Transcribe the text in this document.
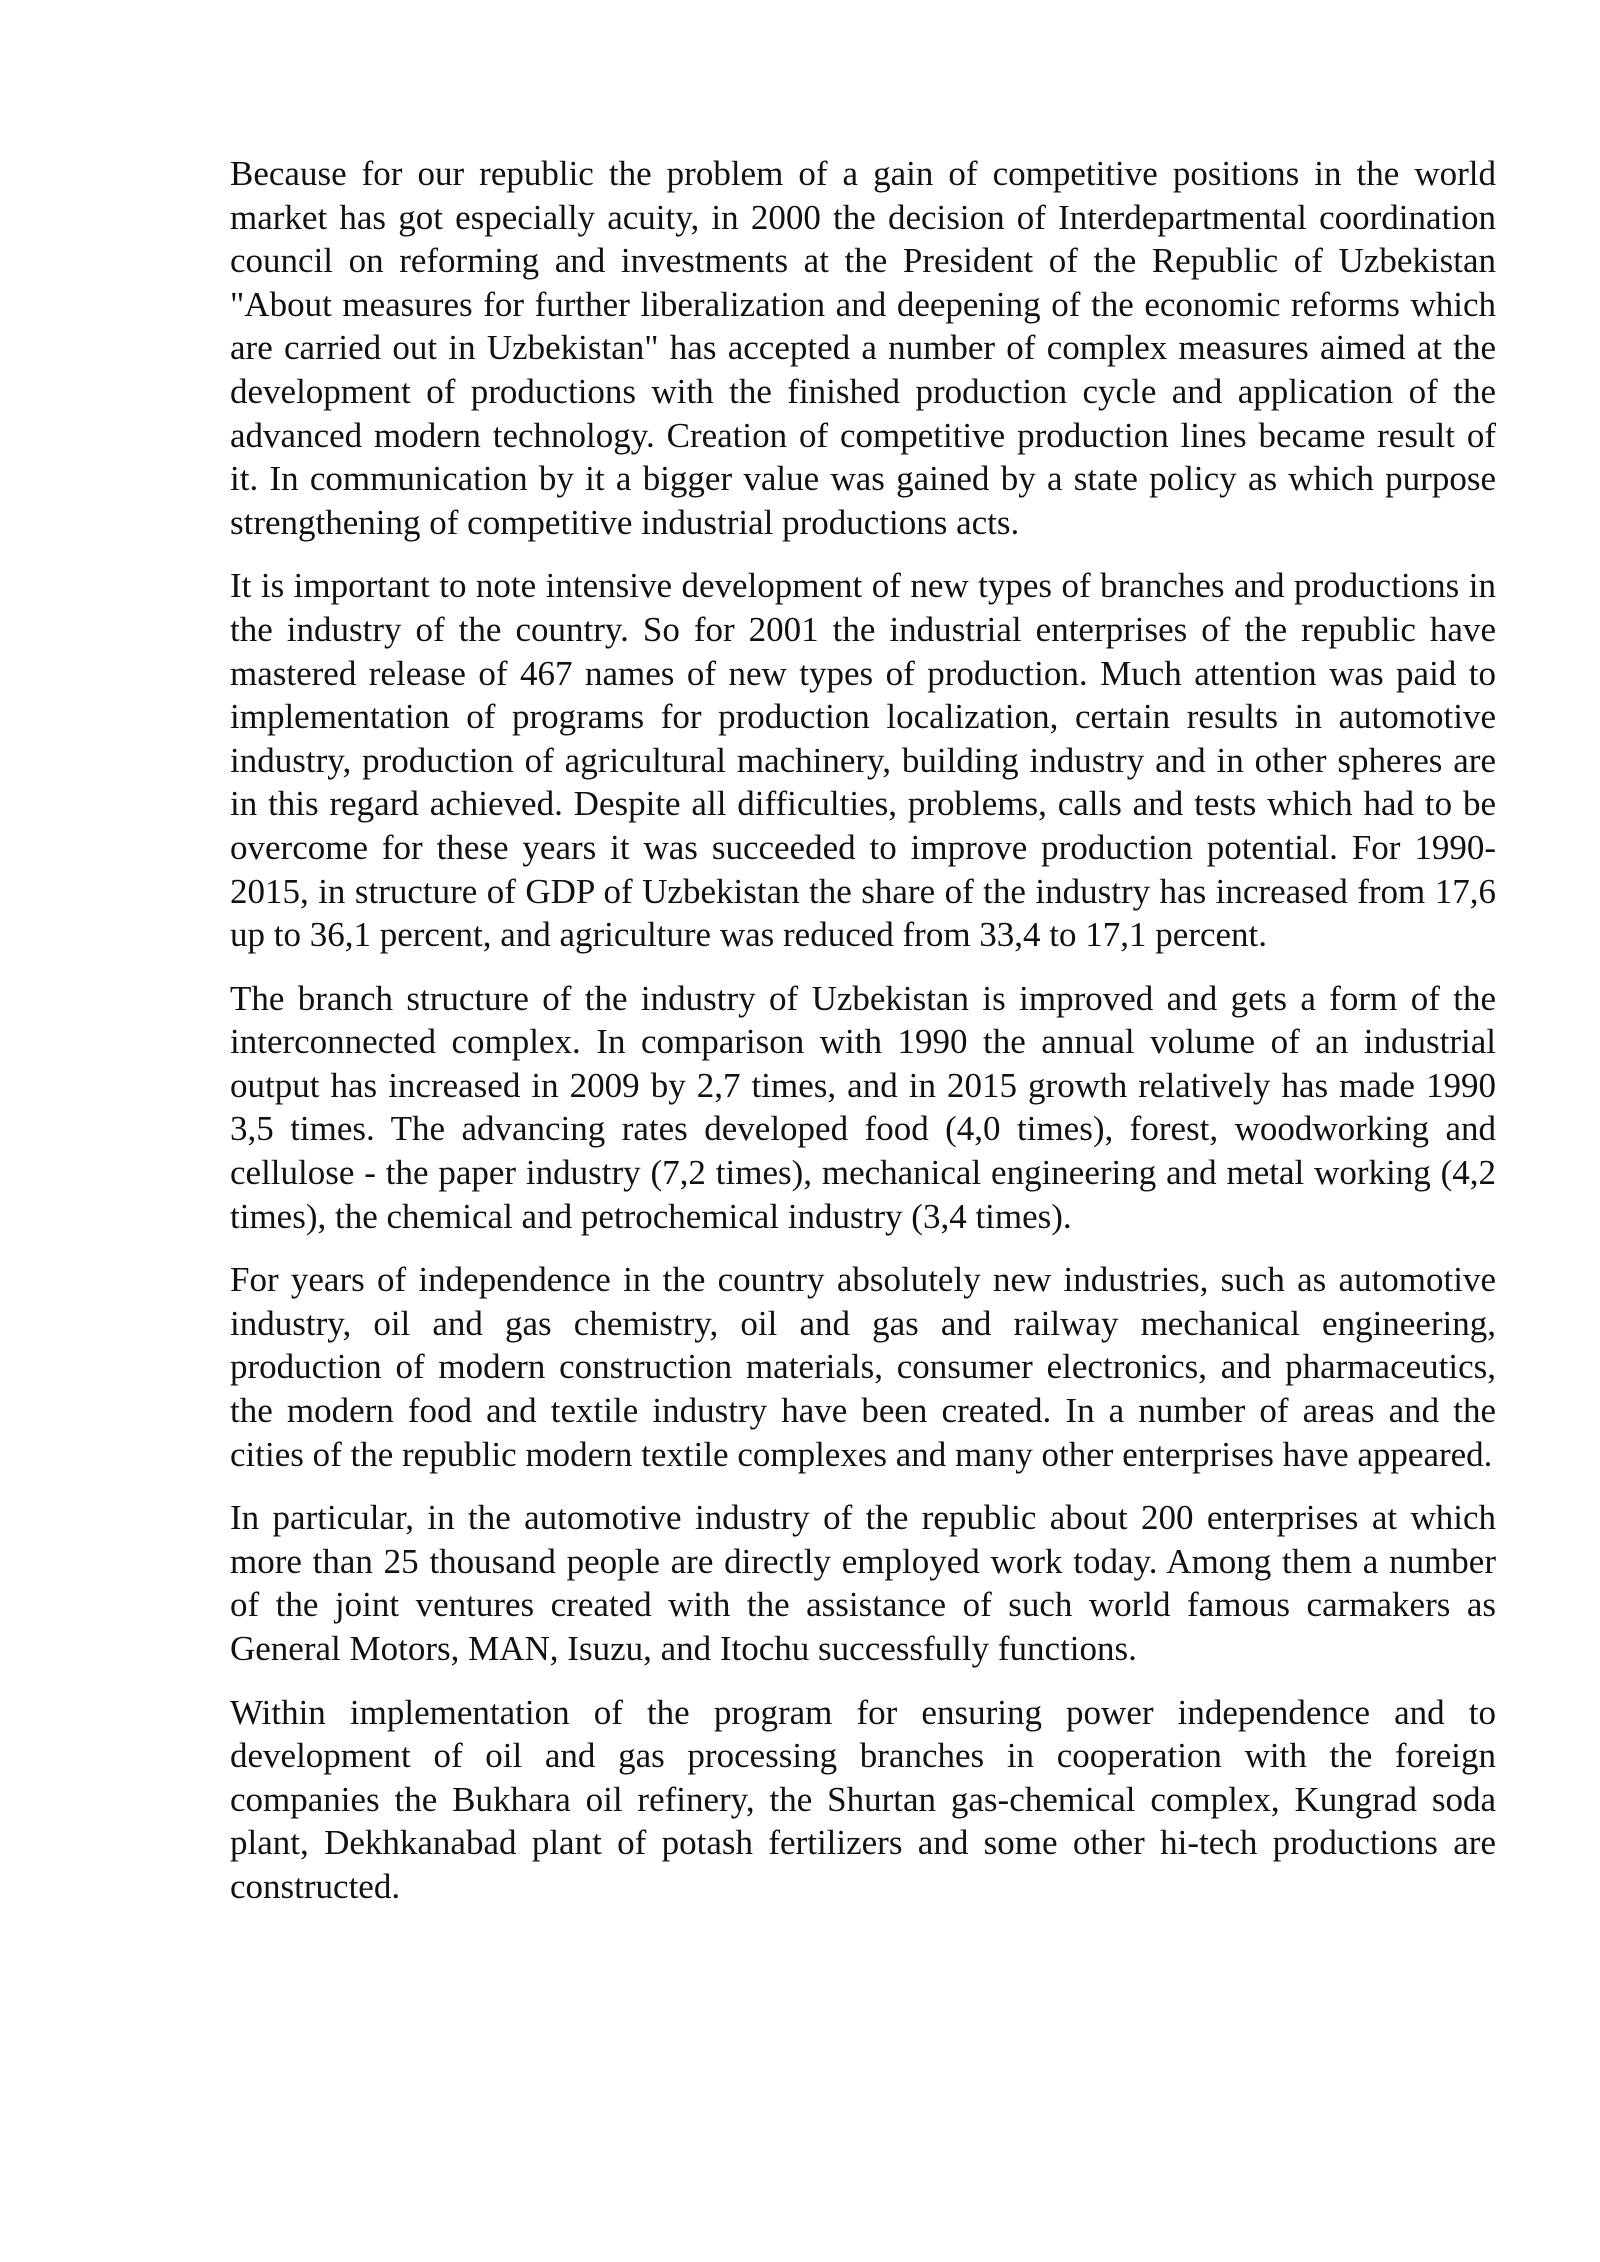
Because for our republic the problem of a gain of competitive positions in the world market has got especially acuity, in 2000 the decision of Interdepartmental coordination council on reforming and investments at the President of the Republic of Uzbekistan "About measures for further liberalization and deepening of the economic reforms which are carried out in Uzbekistan" has accepted a number of complex measures aimed at the development of productions with the finished production cycle and application of the advanced modern technology. Creation of competitive production lines became result of it. In communication by it a bigger value was gained by a state policy as which purpose strengthening of competitive industrial productions acts.

It is important to note intensive development of new types of branches and productions in the industry of the country. So for 2001 the industrial enterprises of the republic have mastered release of 467 names of new types of production. Much attention was paid to implementation of programs for production localization, certain results in automotive industry, production of agricultural machinery, building industry and in other spheres are in this regard achieved. Despite all difficulties, problems, calls and tests which had to be overcome for these years it was succeeded to improve production potential. For 1990-2015, in structure of GDP of Uzbekistan the share of the industry has increased from 17,6 up to 36,1 percent, and agriculture was reduced from 33,4 to 17,1 percent.

The branch structure of the industry of Uzbekistan is improved and gets a form of the interconnected complex. In comparison with 1990 the annual volume of an industrial output has increased in 2009 by 2,7 times, and in 2015 growth relatively has made 1990 3,5 times. The advancing rates developed food (4,0 times), forest, woodworking and cellulose - the paper industry (7,2 times), mechanical engineering and metal working (4,2 times), the chemical and petrochemical industry (3,4 times).

For years of independence in the country absolutely new industries, such as automotive industry, oil and gas chemistry, oil and gas and railway mechanical engineering, production of modern construction materials, consumer electronics, and pharmaceutics, the modern food and textile industry have been created. In a number of areas and the cities of the republic modern textile complexes and many other enterprises have appeared.

In particular, in the automotive industry of the republic about 200 enterprises at which more than 25 thousand people are directly employed work today. Among them a number of the joint ventures created with the assistance of such world famous carmakers as General Motors, MAN, Isuzu, and Itochu successfully functions.

Within implementation of the program for ensuring power independence and to development of oil and gas processing branches in cooperation with the foreign companies the Bukhara oil refinery, the Shurtan gas-chemical complex, Kungrad soda plant, Dekhkanabad plant of potash fertilizers and some other hi-tech productions are constructed.
